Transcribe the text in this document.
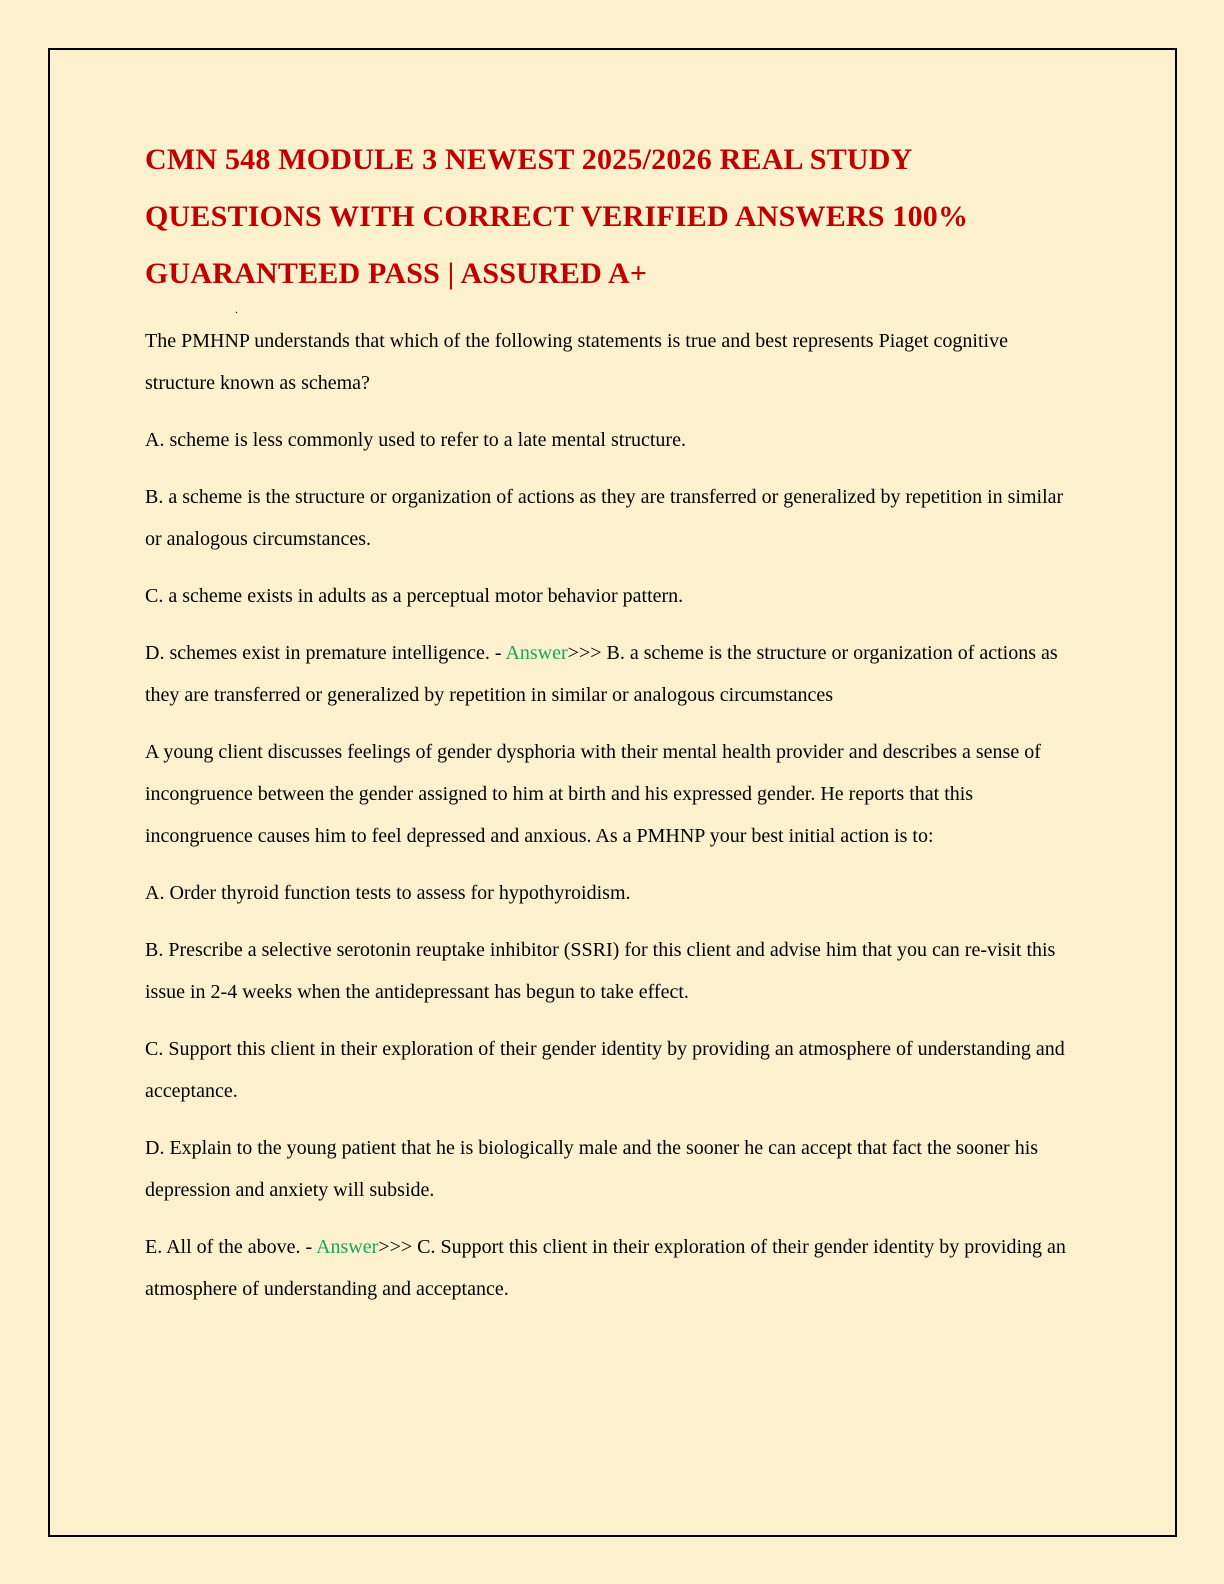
CMN 548 MODULE 3 NEWEST 2025/2026 REAL STUDY
QUESTIONS WITH CORRECT VERIFIED ANSWERS 100%
GUARANTEED PASS | ASSURED A+
.

The PMHNP understands that which of the following statements is true and best represents Piaget cognitive structure known as schema?

A. scheme is less commonly used to refer to a late mental structure.

B. a scheme is the structure or organization of actions as they are transferred or generalized by repetition in similar or analogous circumstances.

C. a scheme exists in adults as a perceptual motor behavior pattern.

D. schemes exist in premature intelligence. - Answer>>> B. a scheme is the structure or organization of actions as they are transferred or generalized by repetition in similar or analogous circumstances

A young client discusses feelings of gender dysphoria with their mental health provider and describes a sense of incongruence between the gender assigned to him at birth and his expressed gender. He reports that this incongruence causes him to feel depressed and anxious. As a PMHNP your best initial action is to:

A. Order thyroid function tests to assess for hypothyroidism.

B. Prescribe a selective serotonin reuptake inhibitor (SSRI) for this client and advise him that you can re-visit this issue in 2-4 weeks when the antidepressant has begun to take effect.

C. Support this client in their exploration of their gender identity by providing an atmosphere of understanding and acceptance.

D. Explain to the young patient that he is biologically male and the sooner he can accept that fact the sooner his depression and anxiety will subside.

E. All of the above. - Answer>>> C. Support this client in their exploration of their gender identity by providing an atmosphere of understanding and acceptance.
